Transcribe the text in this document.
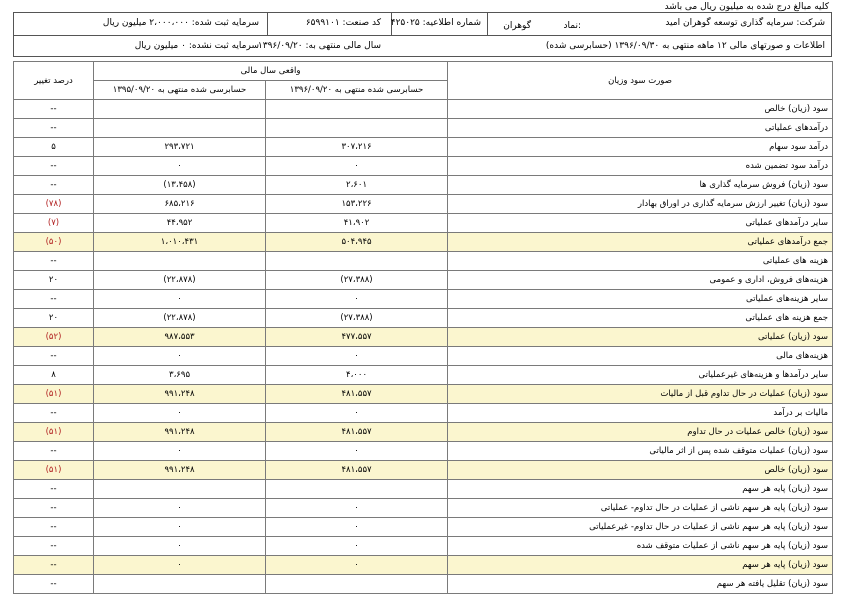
کلیه مبالغ درج شده به میلیون ریال می باشد
شرکت: سرمایه گذاری توسعه گوهران امید
نماد:
گوهران
شماره اطلاعیه: ۴۲۵۰۲۵
کد صنعت: ۶۵۹۹۱۰۱
سرمایه ثبت شده: ۲،۰۰۰،۰۰۰ میلیون ریال
اطلاعات و صورتهای مالی ۱۲ ماهه منتهی به ۱۳۹۶/۰۹/۳۰ (حسابرسی شده)
سال مالی منتهی به: ۱۳۹۶/۰۹/۲۰
سرمایه ثبت نشده: ۰ میلیون ریال
صورت سود وزیان	واقعی سال مالی		درصد تغییر
	حسابرسی شده منتهی به ۱۳۹۶/۰۹/۲۰	حسابرسی شده منتهی به ۱۳۹۵/۰۹/۲۰	
سود (زیان) خالص			--
درآمدهای عملیاتی			--
درآمد سود سهام	۳۰۷،۲۱۶	۲۹۳،۷۲۱	۵
درآمد سود تضمین شده	۰	۰	--
سود (زیان) فروش سرمایه گذاری ها	۲،۶۰۱	(۱۳،۴۵۸)	--
سود (زیان) تغییر ارزش سرمایه گذاری در اوراق بهادار	۱۵۳،۲۲۶	۶۸۵،۲۱۶	(۷۸)
سایر درآمدهای عملیاتی	۴۱،۹۰۲	۴۴،۹۵۲	(۷)
جمع درآمدهای عملیاتی	۵۰۴،۹۴۵	۱،۰۱۰،۴۳۱	(۵۰)
هزینه های عملیاتی			--
هزینه‌های فروش، اداری و عمومی	(۲۷،۳۸۸)	(۲۲،۸۷۸)	۲۰
سایر هزینه‌های عملیاتی	۰	۰	--
جمع هزینه های عملیاتی	(۲۷،۳۸۸)	(۲۲،۸۷۸)	۲۰
سود (زیان) عملیاتی	۴۷۷،۵۵۷	۹۸۷،۵۵۳	(۵۲)
هزینه‌های مالی	۰	۰	--
سایر درآمدها و هزینه‌های غیرعملیاتی	۴،۰۰۰	۳،۶۹۵	۸
سود (زیان) عملیات در حال تداوم قبل از مالیات	۴۸۱،۵۵۷	۹۹۱،۲۴۸	(۵۱)
مالیات بر درآمد	۰	۰	--
سود (زیان) خالص عملیات در حال تداوم	۴۸۱،۵۵۷	۹۹۱،۲۴۸	(۵۱)
سود (زیان) عملیات متوقف شده پس از اثر مالیاتی	۰	۰	--
سود (زیان) خالص	۴۸۱،۵۵۷	۹۹۱،۲۴۸	(۵۱)
سود (زیان) پایه هر سهم			--
سود (زیان) پایه هر سهم ناشی از عملیات در حال تداوم- عملیاتی	۰	۰	--
سود (زیان) پایه هر سهم ناشی از عملیات در حال تداوم- غیرعملیاتی	۰	۰	--
سود (زیان) پایه هر سهم ناشی از عملیات متوقف شده	۰	۰	--
سود (زیان) پایه هر سهم	۰	۰	--
سود (زیان) تقلیل یافته هر سهم			--
